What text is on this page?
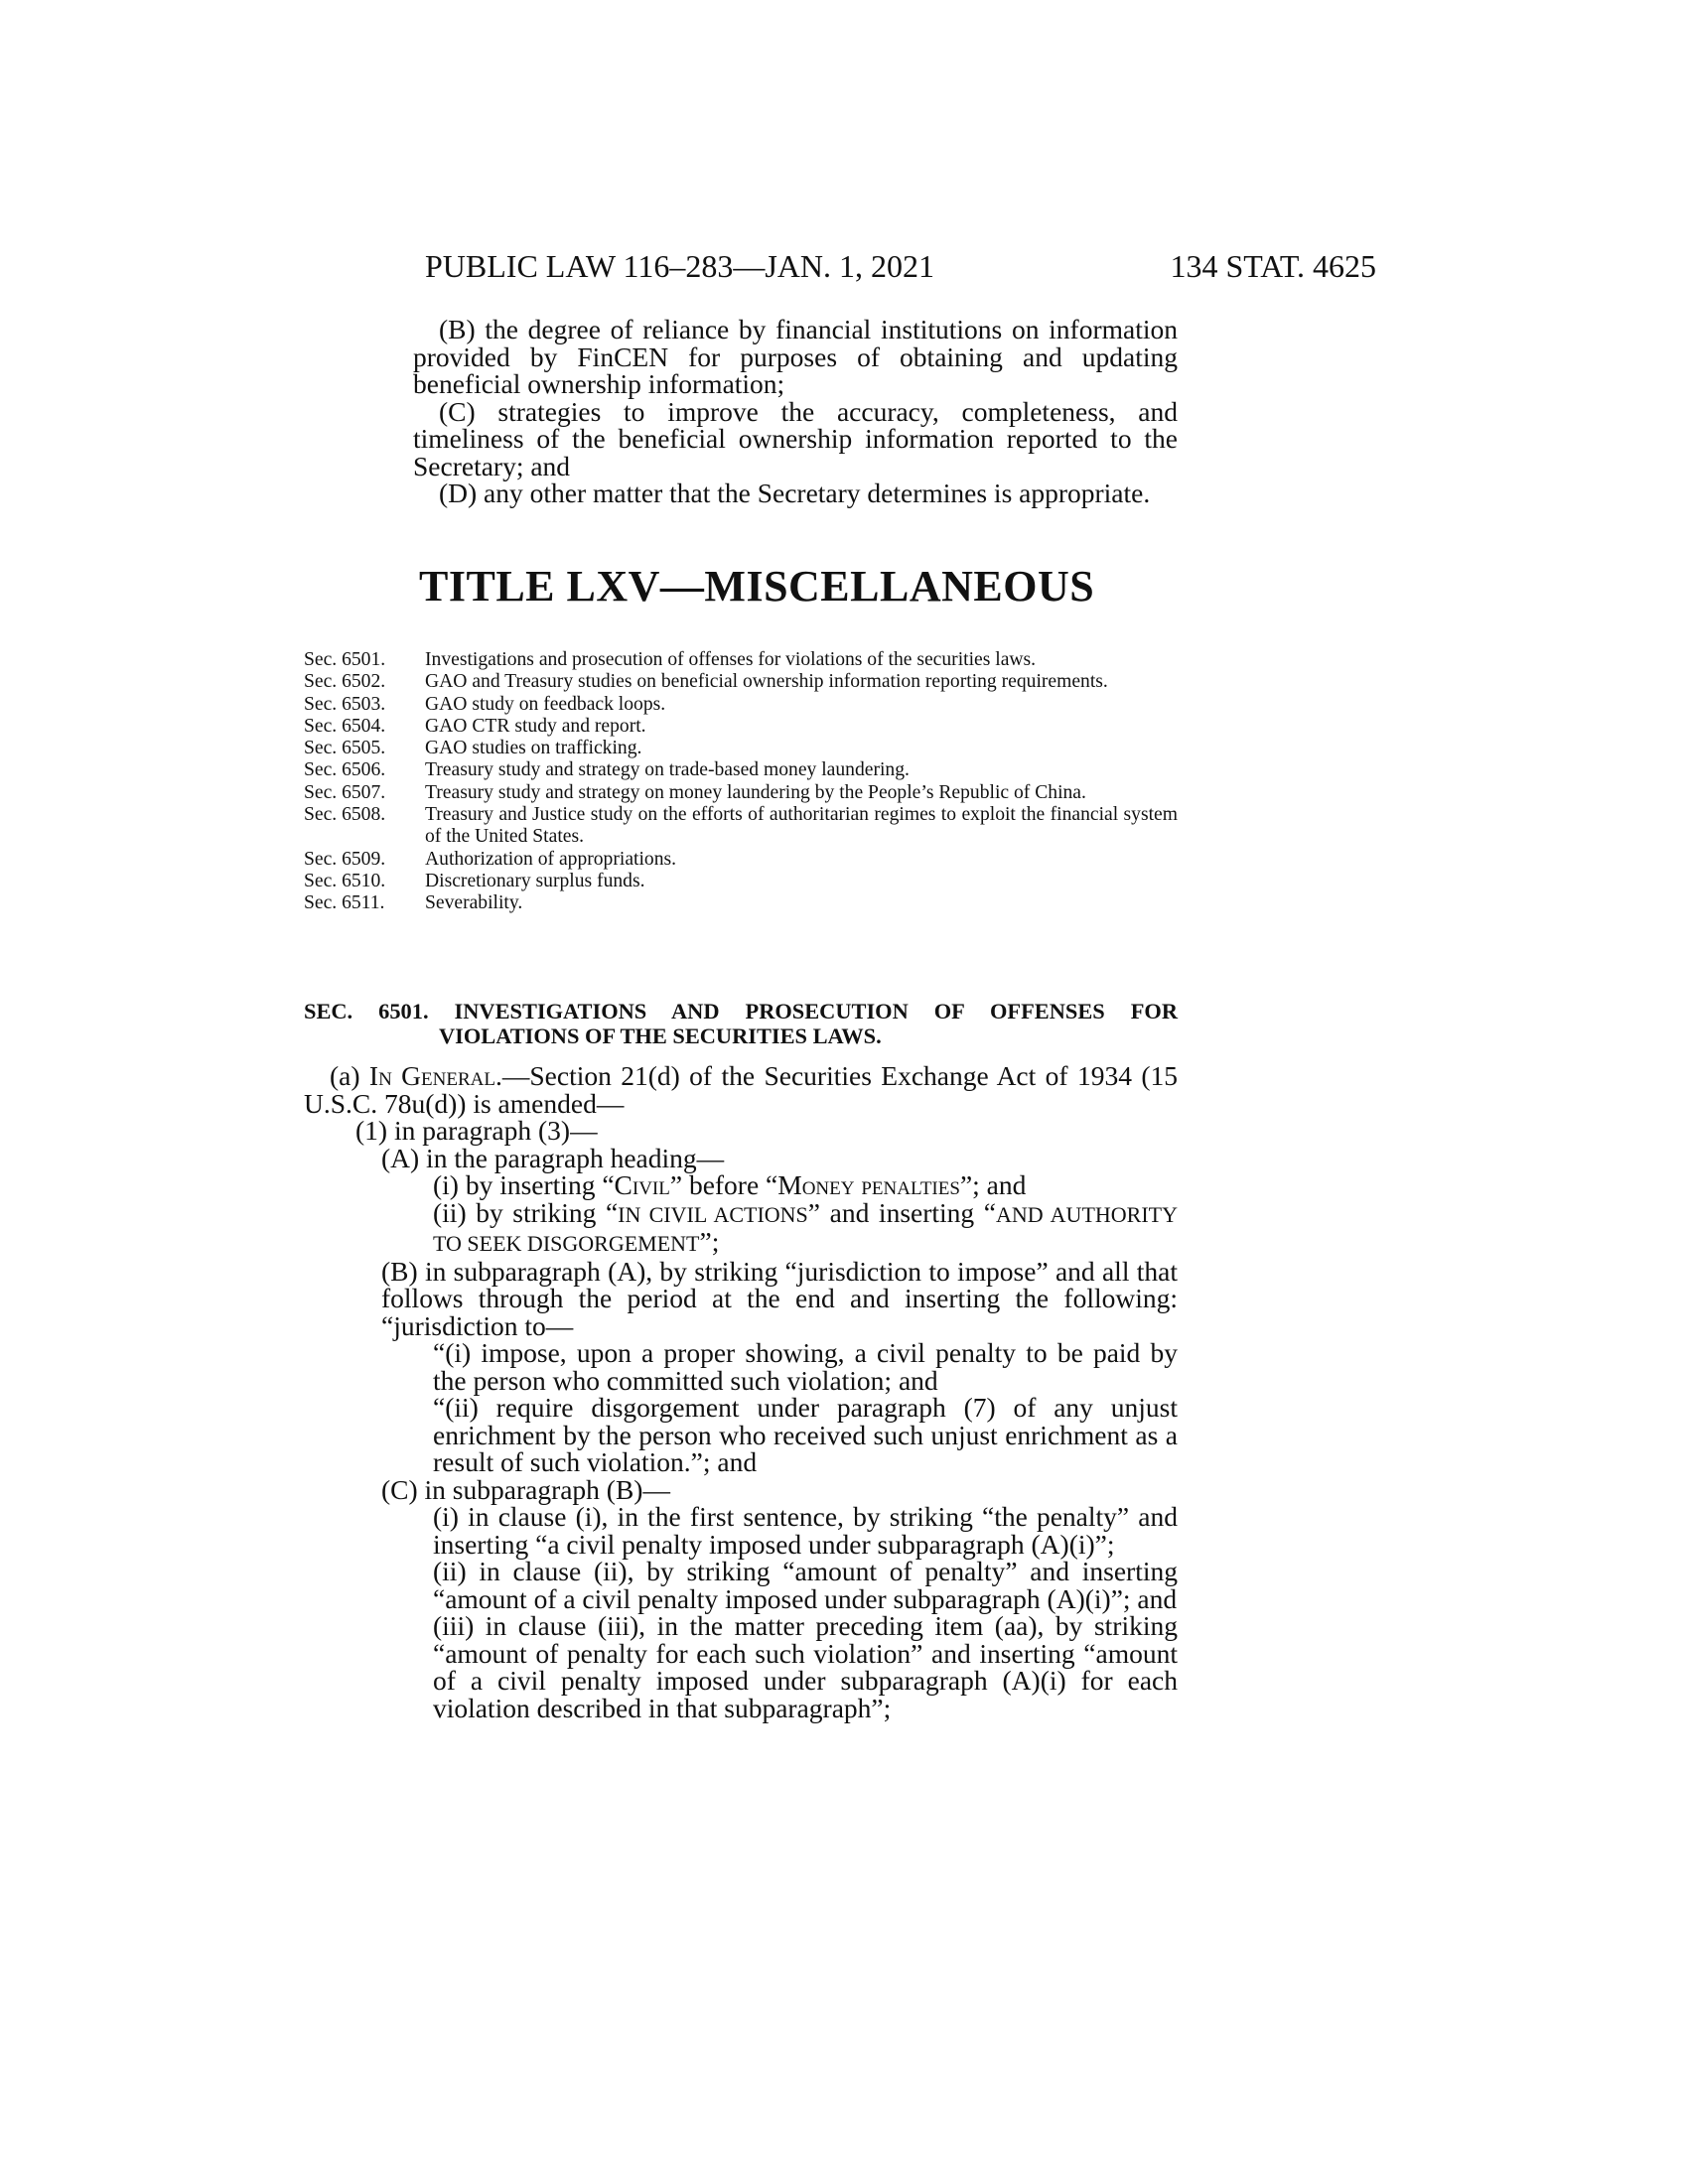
PUBLIC LAW 116–283—JAN. 1, 2021	134 STAT. 4625

(B) the degree of reliance by financial institutions on information provided by FinCEN for purposes of obtaining and updating beneficial ownership information;

(C) strategies to improve the accuracy, completeness, and timeliness of the beneficial ownership information reported to the Secretary; and

(D) any other matter that the Secretary determines is appropriate.

TITLE LXV—MISCELLANEOUS
Sec. 6501.	Investigations and prosecution of offenses for violations of the securities laws.
Sec. 6502.	GAO and Treasury studies on beneficial ownership information reporting requirements.
Sec. 6503.	GAO study on feedback loops.
Sec. 6504.	GAO CTR study and report.
Sec. 6505.	GAO studies on trafficking.
Sec. 6506.	Treasury study and strategy on trade-based money laundering.
Sec. 6507.	Treasury study and strategy on money laundering by the People’s Republic of China.
Sec. 6508.	Treasury and Justice study on the efforts of authoritarian regimes to exploit the financial system of the United States.
Sec. 6509.	Authorization of appropriations.
Sec. 6510.	Discretionary surplus funds.
Sec. 6511.	Severability.
SEC. 6501. INVESTIGATIONS AND PROSECUTION OF OFFENSES FOR
VIOLATIONS OF THE SECURITIES LAWS.

(a) In General.—Section 21(d) of the Securities Exchange Act of 1934 (15 U.S.C. 78u(d)) is amended—

(1) in paragraph (3)—

(A) in the paragraph heading—

(i) by inserting “Civil” before “Money penalties”; and

(ii) by striking “IN CIVIL ACTIONS” and inserting “AND AUTHORITY TO SEEK DISGORGEMENT”;

(B) in subparagraph (A), by striking “jurisdiction to impose” and all that follows through the period at the end and inserting the following: “jurisdiction to—

“(i) impose, upon a proper showing, a civil penalty to be paid by the person who committed such violation; and

“(ii) require disgorgement under paragraph (7) of any unjust enrichment by the person who received such unjust enrichment as a result of such violation.”; and

(C) in subparagraph (B)—

(i) in clause (i), in the first sentence, by striking “the penalty” and inserting “a civil penalty imposed under subparagraph (A)(i)”;

(ii) in clause (ii), by striking “amount of penalty” and inserting “amount of a civil penalty imposed under subparagraph (A)(i)”; and

(iii) in clause (iii), in the matter preceding item (aa), by striking “amount of penalty for each such violation” and inserting “amount of a civil penalty imposed under subparagraph (A)(i) for each violation described in that subparagraph”;
